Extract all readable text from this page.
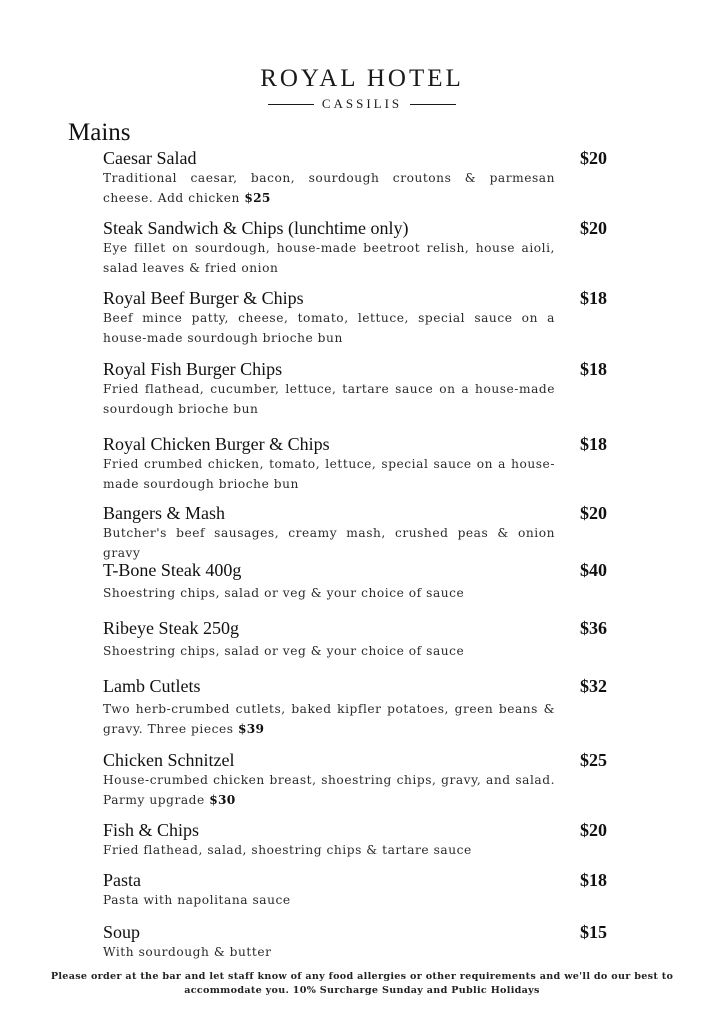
ROYAL HOTEL
CASSILIS
Mains
Caesar Salad	$20
Traditional caesar, bacon, sourdough croutons & parmesan cheese. Add chicken $25
Steak Sandwich & Chips (lunchtime only)	$20
Eye fillet on sourdough, house-made beetroot relish, house aioli, salad leaves & fried onion
Royal Beef Burger & Chips	$18
Beef mince patty, cheese, tomato, lettuce, special sauce on a house-made sourdough brioche bun
Royal Fish Burger Chips	$18
Fried flathead, cucumber, lettuce, tartare sauce on a house-made sourdough brioche bun
Royal Chicken Burger & Chips	$18
Fried crumbed chicken, tomato, lettuce, special sauce on a house-made sourdough brioche bun
Bangers & Mash	$20
Butcher's beef sausages, creamy mash, crushed peas & onion gravy
T-Bone Steak 400g	$40
Shoestring chips, salad or veg & your choice of sauce
Ribeye Steak 250g	$36
Shoestring chips, salad or veg & your choice of sauce
Lamb Cutlets	$32
Two herb-crumbed cutlets, baked kipfler potatoes, green beans & gravy. Three pieces $39
Chicken Schnitzel	$25
House-crumbed chicken breast, shoestring chips, gravy, and salad. Parmy upgrade $30
Fish & Chips	$20
Fried flathead, salad, shoestring chips & tartare sauce
Pasta	$18
Pasta with napolitana sauce
Soup	$15
With sourdough & butter
Please order at the bar and let staff know of any food allergies or other requirements and we'll do our best to accommodate you. 10% Surcharge Sunday and Public Holidays
